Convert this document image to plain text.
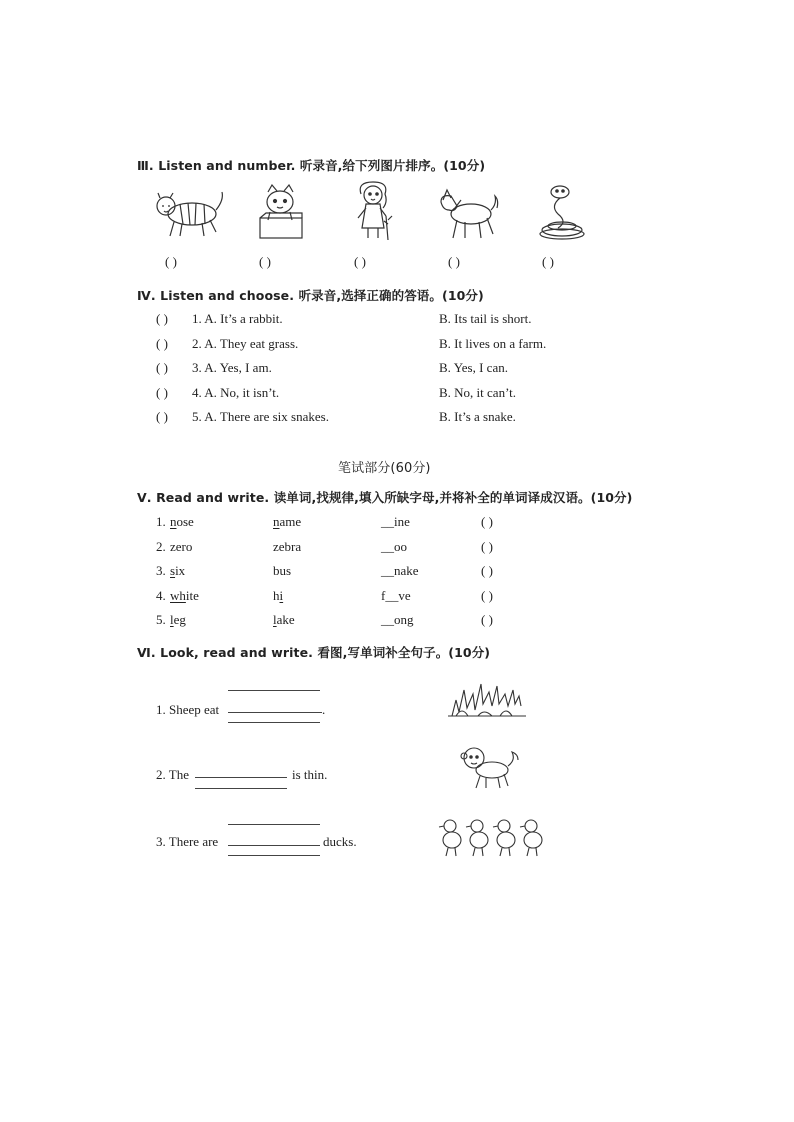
Ⅲ. Listen and number. 听录音,给下列图片排序。(10分)
( )	( )	( )	( )	( )
Ⅳ. Listen and choose. 听录音,选择正确的答语。(10分)
( ) 1. A. It’s a rabbit.	B. Its tail is short.
( ) 2. A. They eat grass.	B. It lives on a farm.
( ) 3. A. Yes, I am.	B. Yes, I can.
( ) 4. A. No, it isn’t.	B. No, it can’t.
( ) 5. A. There are six snakes.	B. It’s a snake.
笔试部分(60分)
Ⅴ. Read and write. 读单词,找规律,填入所缺字母,并将补全的单词译成汉语。(10分)
1. nose	name	__ine	( )
2. zero	zebra	__oo	( )
3. six	bus	__nake	( )
4. white	hi	f__ve	( )
5. leg	lake	__ong	( )
Ⅵ. Look, read and write. 看图,写单词补全句子。(10分)
1. Sheep eat	.
2. The	is thin.
3. There are	ducks.
